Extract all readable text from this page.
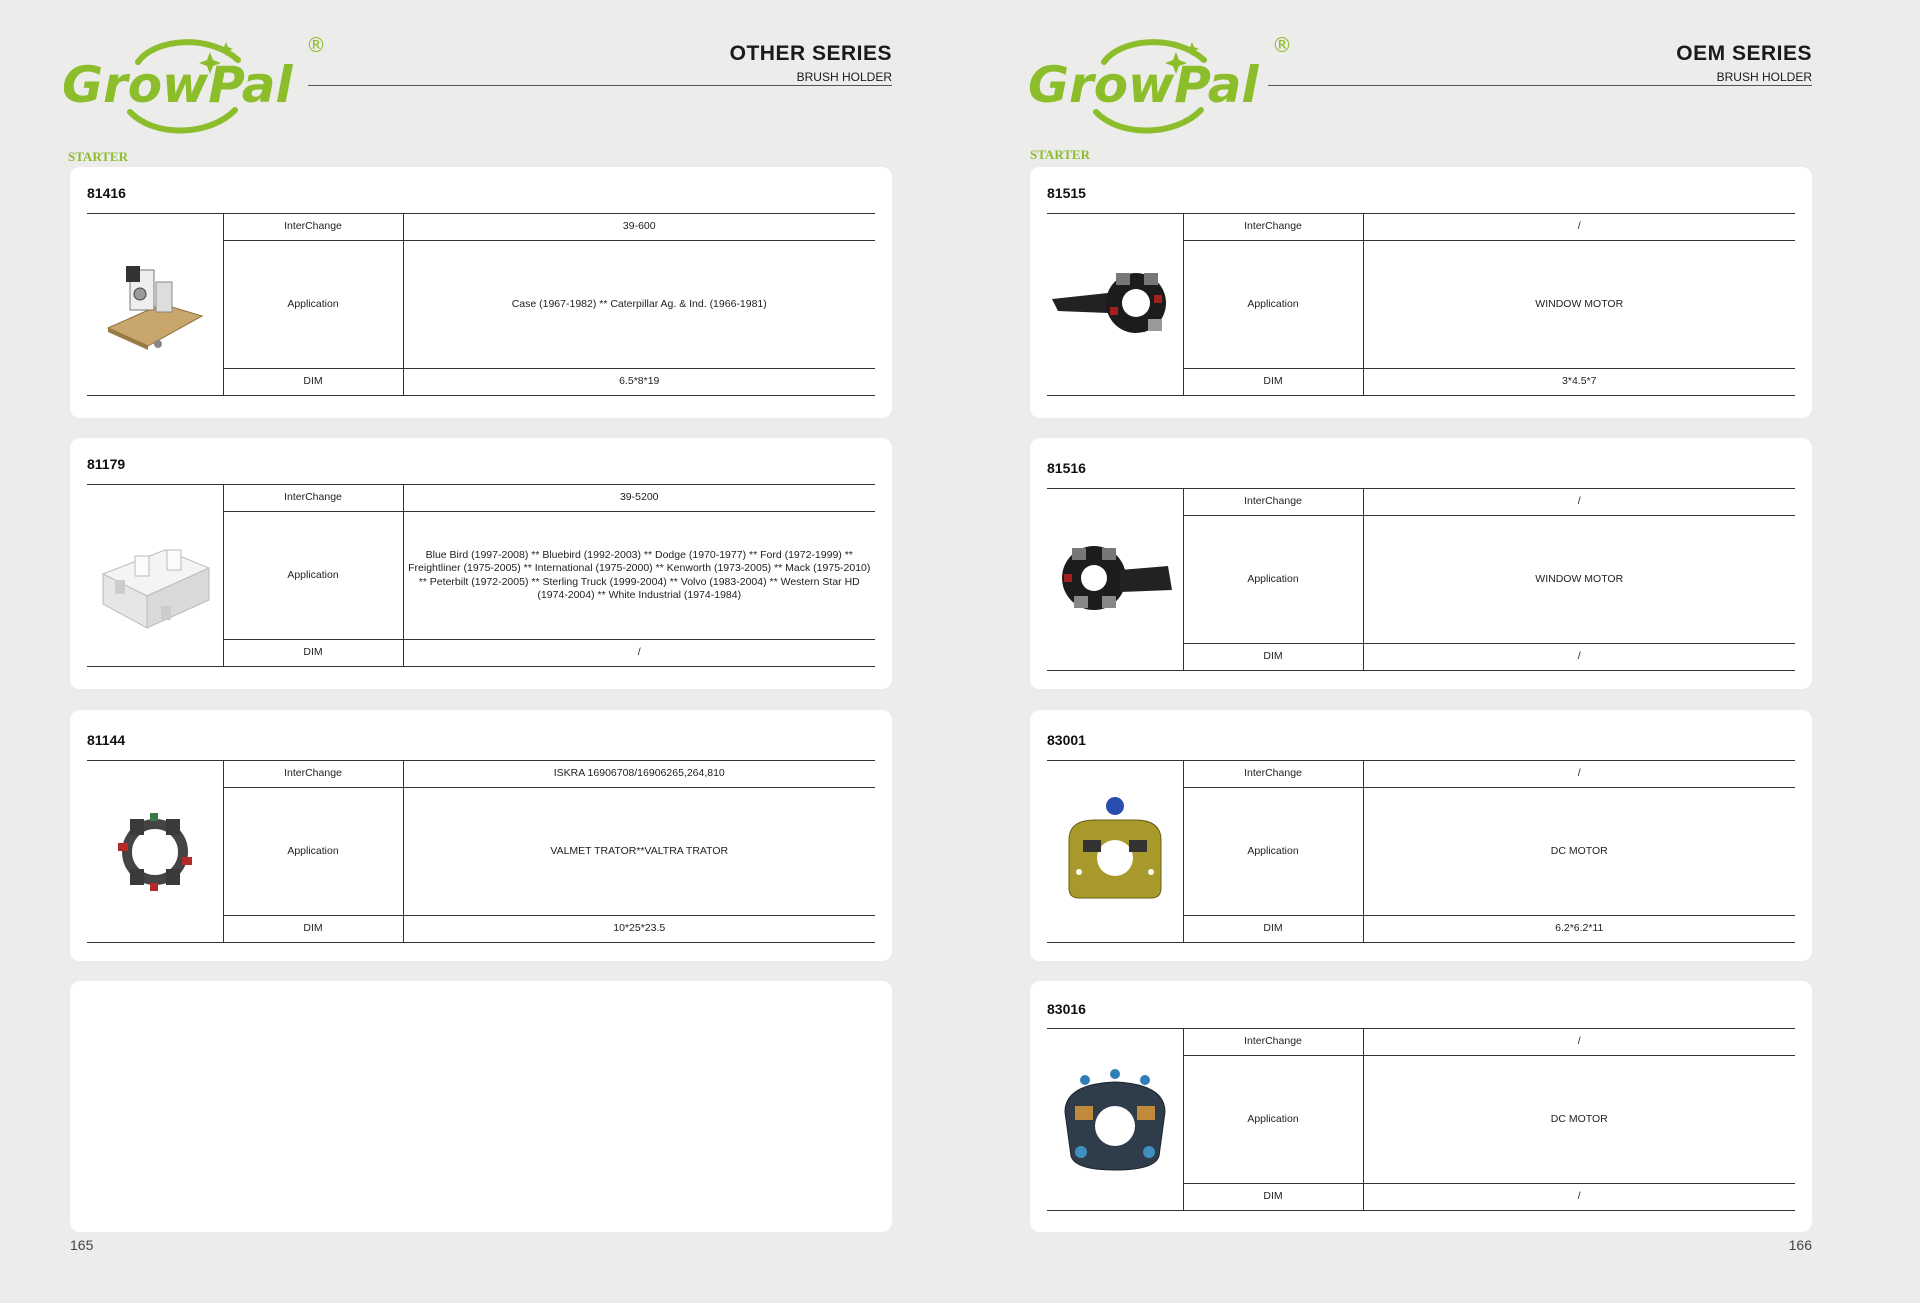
GrowPal
®	OTHER SERIES
BRUSH HOLDER
STARTER
81416
	InterChange	39-600
	Application	Case (1967-1982) ** Caterpillar Ag. & Ind. (1966-1981)
	DIM	6.5*8*19
81179
	InterChange	39-5200
	Application	Blue Bird (1997-2008) ** Bluebird (1992-2003) ** Dodge (1970-1977) ** Ford (1972-1999) ** Freightliner (1975-2005) ** International (1975-2000) ** Kenworth (1973-2005) ** Mack (1975-2010) ** Peterbilt (1972-2005) ** Sterling Truck (1999-2004) ** Volvo (1983-2004) ** Western Star HD (1974-2004) ** White Industrial (1974-1984)
	DIM	/
81144
	InterChange	ISKRA 16906708/16906265,264,810
	Application	VALMET TRATOR**VALTRA TRATOR
	DIM	10*25*23.5
165
GrowPal
®	OEM SERIES
BRUSH HOLDER
STARTER
81515
	InterChange	/
	Application	WINDOW MOTOR
	DIM	3*4.5*7
81516
	InterChange	/
	Application	WINDOW MOTOR
	DIM	/
83001
	InterChange	/
	Application	DC MOTOR
	DIM	6.2*6.2*11
83016
	InterChange	/
	Application	DC MOTOR
	DIM	/
166
